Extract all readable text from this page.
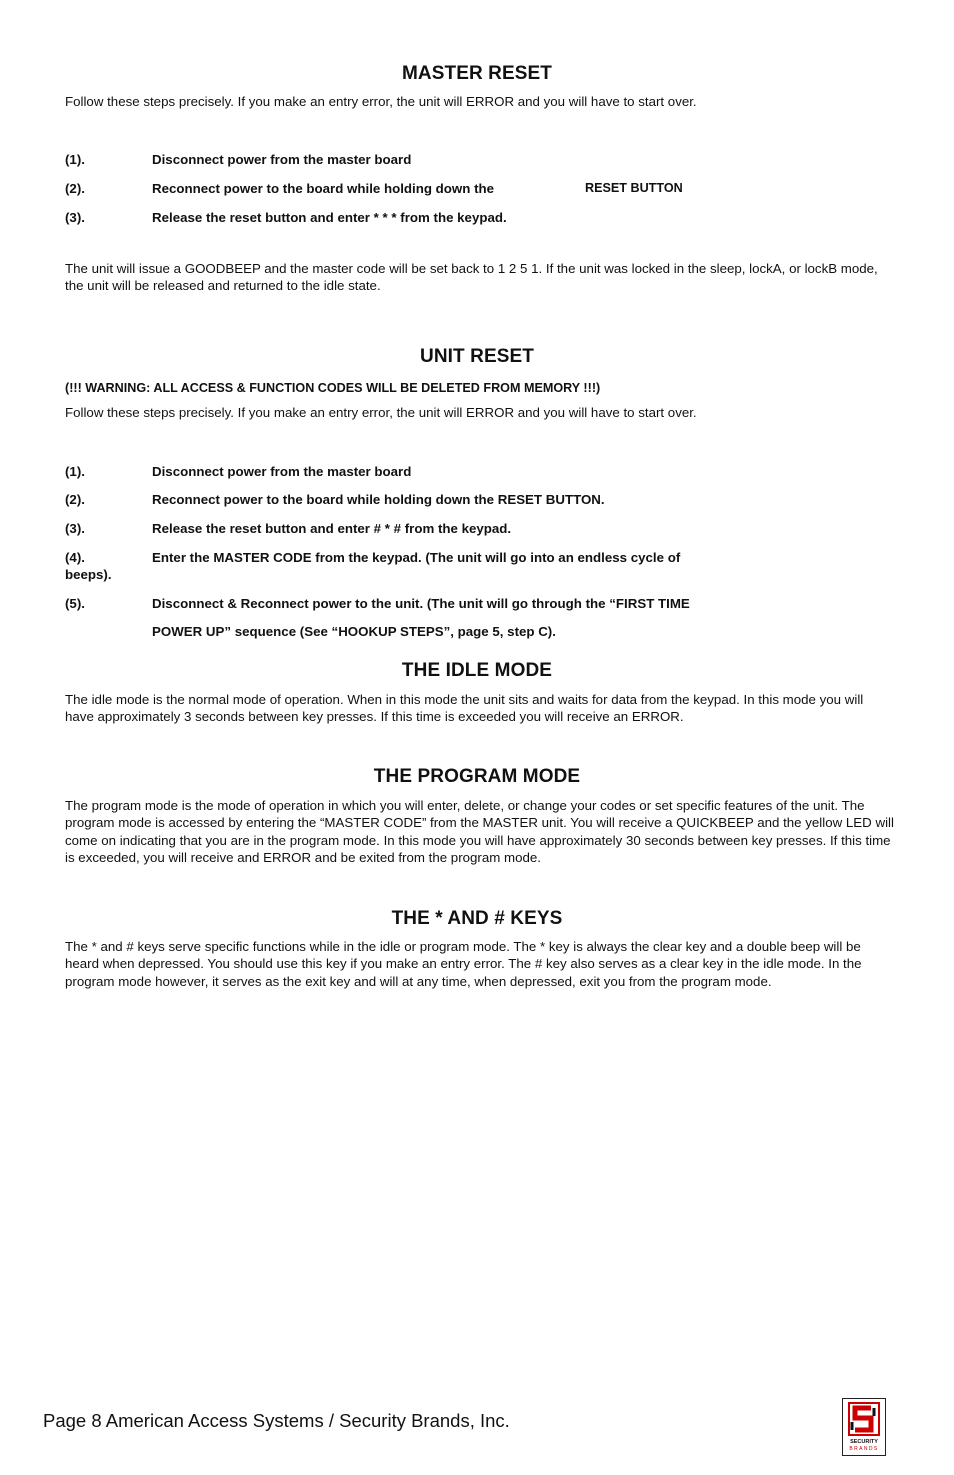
MASTER RESET
Follow these steps precisely. If you make an entry error, the unit will ERROR and you will have to start over.
(1).	Disconnect power from the master board
(2).	Reconnect power to the board while holding down the	RESET BUTTON
(3).	Release the reset button and enter * * * from the keypad.
The unit will issue a GOODBEEP and the master code will be set back to 1 2 5 1. If the unit was locked in the sleep, lockA, or lockB mode, the unit will be released and returned to the idle state.
UNIT RESET
(!!! WARNING: ALL ACCESS & FUNCTION CODES WILL BE DELETED FROM MEMORY !!!)
Follow these steps precisely. If you make an entry error, the unit will ERROR and you will have to start over.
(1).	Disconnect power from the master board
(2).	Reconnect power to the board while holding down the RESET BUTTON.
(3).	Release the reset button and enter # * # from the keypad.
(4).	Enter the MASTER CODE from the keypad. (The unit will go into an endless cycle of
beeps).
(5).	Disconnect & Reconnect power to the unit. (The unit will go through the “FIRST TIME
POWER UP” sequence (See “HOOKUP STEPS”, page 5, step C).
THE IDLE MODE
The idle mode is the normal mode of operation. When in this mode the unit sits and waits for data from the keypad. In this mode you will have approximately 3 seconds between key presses. If this time is exceeded you will receive an ERROR.
THE PROGRAM MODE
The program mode is the mode of operation in which you will enter, delete, or change your codes or set specific features of the unit. The program mode is accessed by entering the “MASTER CODE” from the MASTER unit. You will receive a QUICKBEEP and the yellow LED will come on indicating that you are in the program mode. In this mode you will have approximately 30 seconds between key presses. If this time is exceeded, you will receive and ERROR and be exited from the program mode.
THE * AND # KEYS
The * and # keys serve specific functions while in the idle or program mode. The * key is always the clear key and a double beep will be heard when depressed. You should use this key if you make an entry error. The # key also serves as a clear key in the idle mode. In the program mode however, it serves as the exit key and will at any time, when depressed, exit you from the program mode.
Page 8 American Access Systems / Security Brands, Inc.
SECURITY
BRANDS
